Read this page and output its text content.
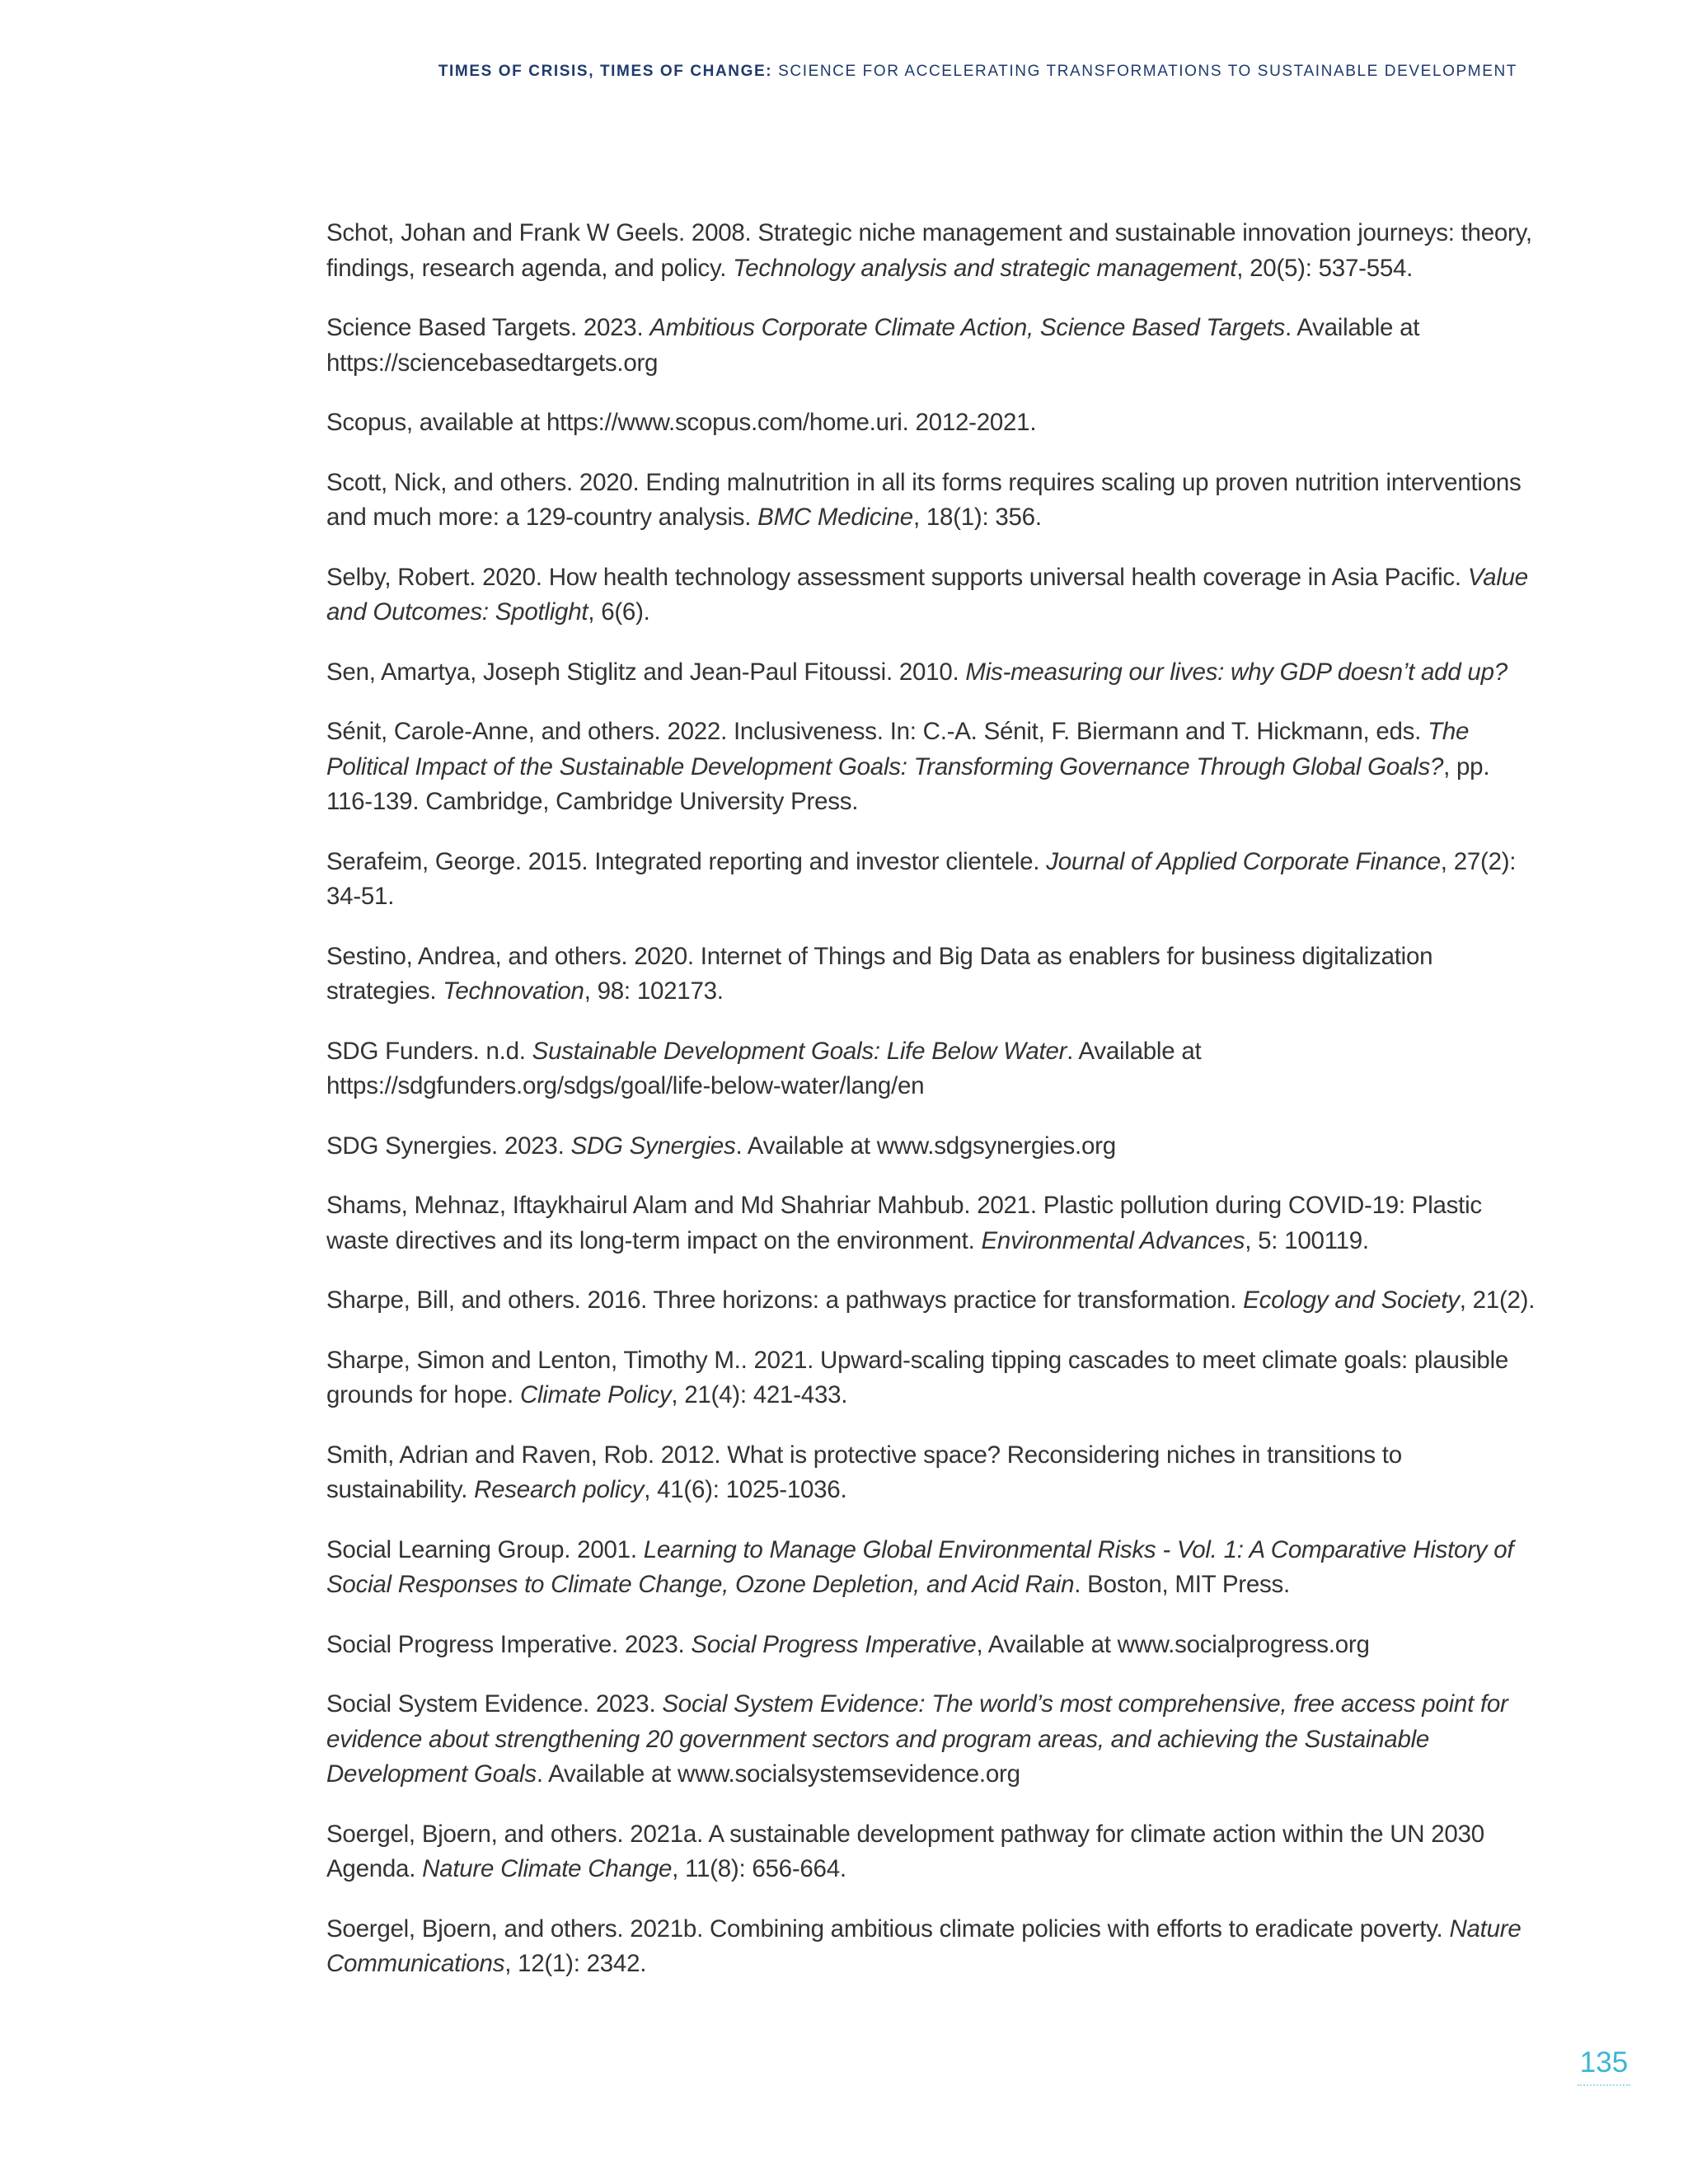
TIMES OF CRISIS, TIMES OF CHANGE: SCIENCE FOR ACCELERATING TRANSFORMATIONS TO SUSTAINABLE DEVELOPMENT

Schot, Johan and Frank W Geels. 2008. Strategic niche management and sustainable innovation journeys: theory, findings, research agenda, and policy. Technology analysis and strategic management, 20(5): 537-554.

Science Based Targets. 2023. Ambitious Corporate Climate Action, Science Based Targets. Available at https://sciencebasedtargets.org

Scopus, available at https://www.scopus.com/home.uri. 2012-2021.

Scott, Nick, and others. 2020. Ending malnutrition in all its forms requires scaling up proven nutrition interventions and much more: a 129-country analysis. BMC Medicine, 18(1): 356.

Selby, Robert. 2020. How health technology assessment supports universal health coverage in Asia Pacific. Value and Outcomes: Spotlight, 6(6).

Sen, Amartya, Joseph Stiglitz and Jean-Paul Fitoussi. 2010. Mis-measuring our lives: why GDP doesn’t add up?

Sénit, Carole-Anne, and others. 2022. Inclusiveness. In: C.-A. Sénit, F. Biermann and T. Hickmann, eds. The Political Impact of the Sustainable Development Goals: Transforming Governance Through Global Goals?, pp. 116-139. Cambridge, Cambridge University Press.

Serafeim, George. 2015. Integrated reporting and investor clientele. Journal of Applied Corporate Finance, 27(2): 34-51.

Sestino, Andrea, and others. 2020. Internet of Things and Big Data as enablers for business digitalization strategies. Technovation, 98: 102173.

SDG Funders. n.d. Sustainable Development Goals: Life Below Water. Available at https://sdgfunders.org/sdgs/goal/life-below-water/lang/en

SDG Synergies. 2023. SDG Synergies. Available at www.sdgsynergies.org

Shams, Mehnaz, Iftaykhairul Alam and Md Shahriar Mahbub. 2021. Plastic pollution during COVID-19: Plastic waste directives and its long-term impact on the environment. Environmental Advances, 5: 100119.

Sharpe, Bill, and others. 2016. Three horizons: a pathways practice for transformation. Ecology and Society, 21(2).

Sharpe, Simon and Lenton, Timothy M.. 2021. Upward-scaling tipping cascades to meet climate goals: plausible grounds for hope. Climate Policy, 21(4): 421-433.

Smith, Adrian and Raven, Rob. 2012. What is protective space? Reconsidering niches in transitions to sustainability. Research policy, 41(6): 1025-1036.

Social Learning Group. 2001. Learning to Manage Global Environmental Risks - Vol. 1: A Comparative History of Social Responses to Climate Change, Ozone Depletion, and Acid Rain. Boston, MIT Press.

Social Progress Imperative. 2023. Social Progress Imperative, Available at www.socialprogress.org

Social System Evidence. 2023. Social System Evidence: The world’s most comprehensive, free access point for evidence about strengthening 20 government sectors and program areas, and achieving the Sustainable Development Goals. Available at www.socialsystemsevidence.org

Soergel, Bjoern, and others. 2021a. A sustainable development pathway for climate action within the UN 2030 Agenda. Nature Climate Change, 11(8): 656-664.

Soergel, Bjoern, and others. 2021b. Combining ambitious climate policies with efforts to eradicate poverty. Nature Communications, 12(1): 2342.

135
